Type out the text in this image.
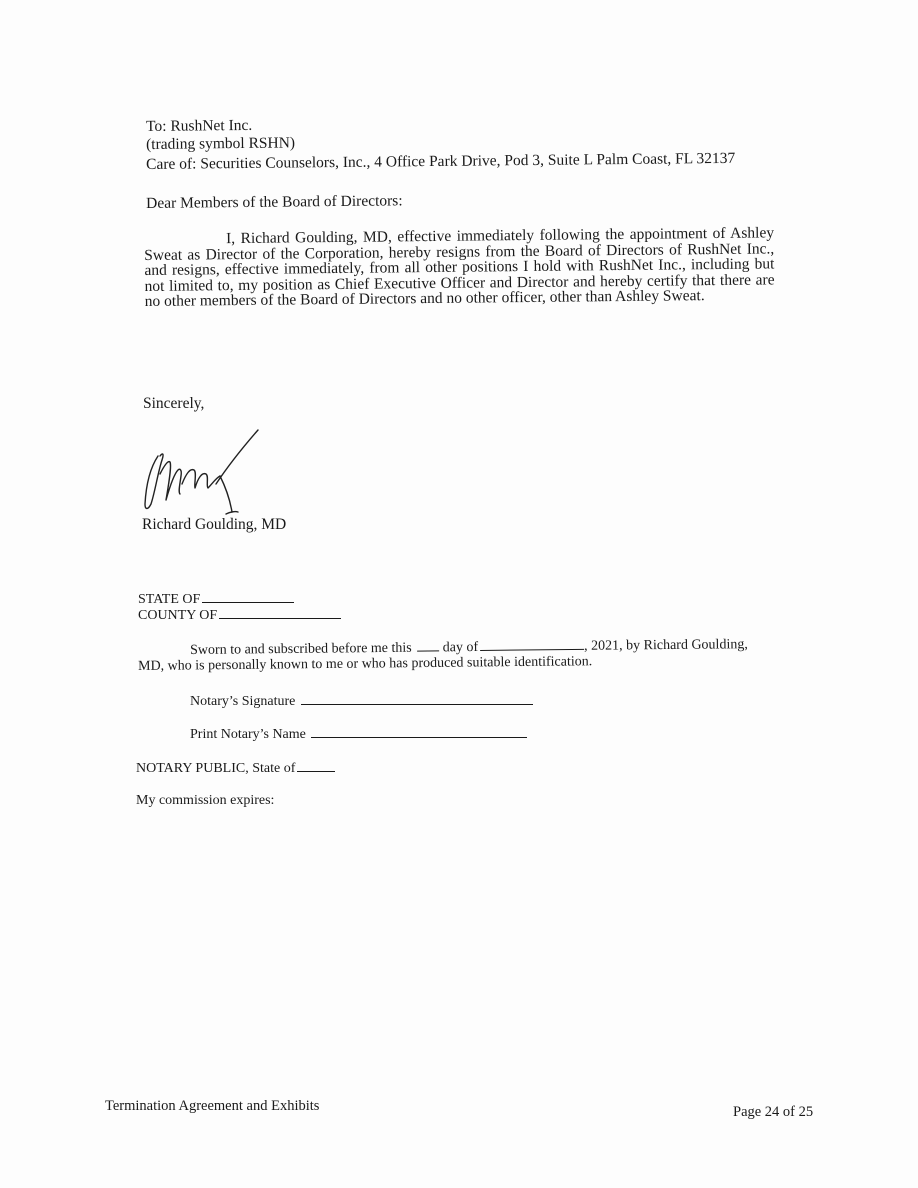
To: RushNet Inc.
(trading symbol RSHN)
Care of: Securities Counselors, Inc., 4 Office Park Drive, Pod 3, Suite L Palm Coast, FL 32137
Dear Members of the Board of Directors:
I, Richard Goulding, MD, effective immediately following the appointment of Ashley Sweat as Director of the Corporation, hereby resigns from the Board of Directors of RushNet Inc., and resigns, effective immediately, from all other positions I hold with RushNet Inc., including but not limited to, my position as Chief Executive Officer and Director and hereby certify that there are no other members of the Board of Directors and no other officer, other than Ashley Sweat.
Sincerely,
Richard Goulding, MD
STATE OF
COUNTY OF
Sworn to and subscribed before me this day of	, 2021, by Richard Goulding,
MD, who is personally known to me or who has produced suitable identification.
Notary’s Signature
Print Notary’s Name
NOTARY PUBLIC, State of
My commission expires:
Termination Agreement and Exhibits	Page 24 of 25
